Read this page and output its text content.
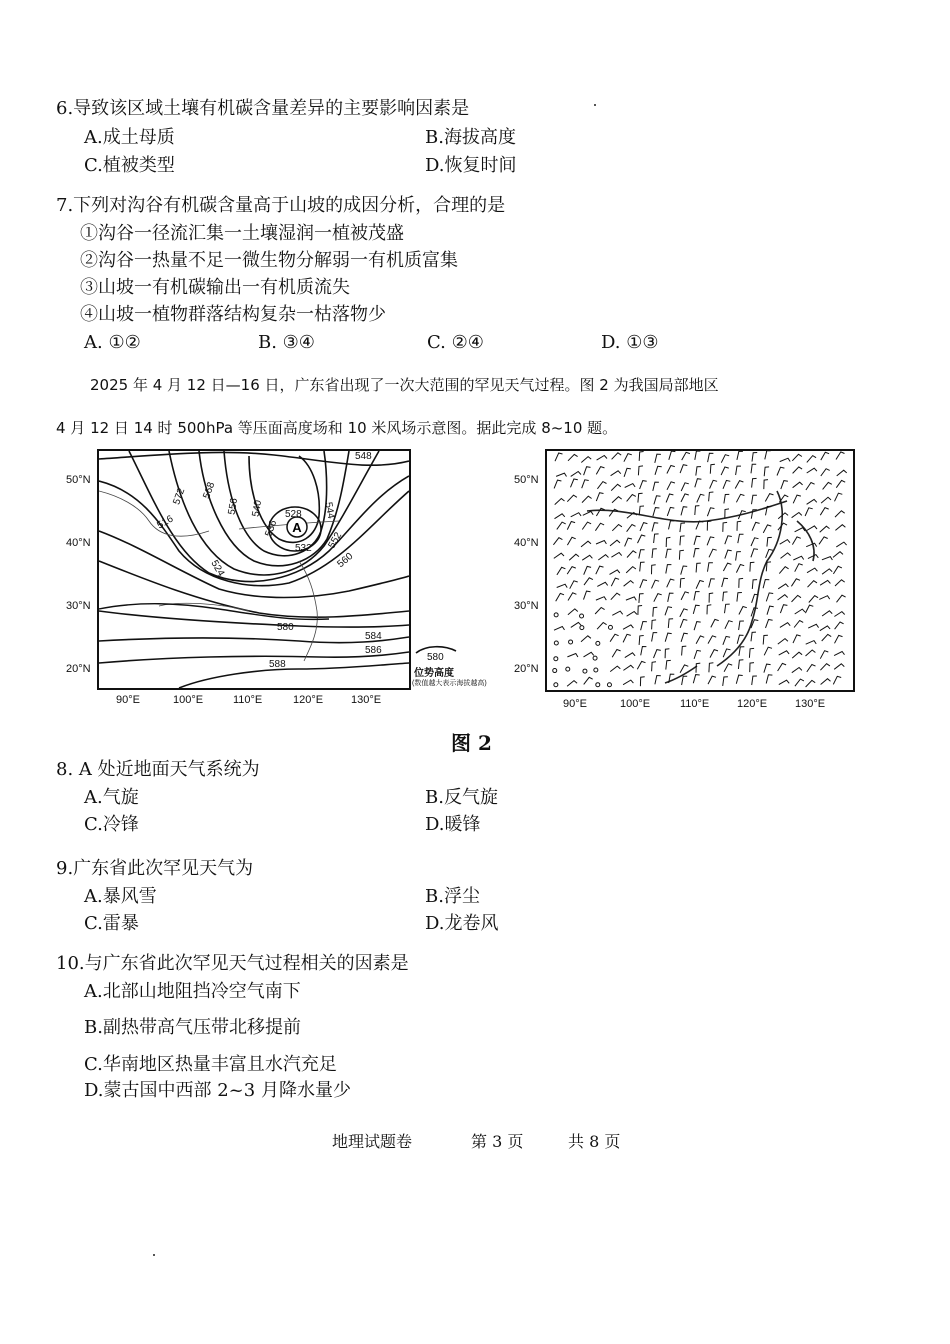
6.导致该区域土壤有机碳含量差异的主要影响因素是
A.成土母质	B.海拔高度
C.植被类型	D.恢复时间
7.下列对沟谷有机碳含量高于山坡的成因分析，合理的是
①沟谷一径流汇集一土壤湿润一植被茂盛
②沟谷一热量不足一微生物分解弱一有机质富集
③山坡一有机碳输出一有机质流失
④山坡一植物群落结构复杂一枯落物少
A. ①②	B. ③④	C. ②④	D. ①③
2025 年 4 月 12 日—16 日，广东省出现了一次大范围的罕见天气过程。图 2 为我国局部地区
4 月 12 日 14 时 500hPa 等压面高度场和 10 米风场示意图。据此完成 8~10 题。
A
548
572 568
556 540 528
536
544
516
524
532 552
560
580
584
586
588
50°N
40°N
30°N
20°N
90°E	100°E	110°E	120°E	130°E
580
位势高度
(数值越大表示海拔越高)
50°N
40°N
30°N
20°N
90°E	100°E	110°E	120°E	130°E
图 2
8. A 处近地面天气系统为
A.气旋	B.反气旋
C.冷锋	D.暖锋
9.广东省此次罕见天气为
A.暴风雪	B.浮尘
C.雷暴	D.龙卷风
10.与广东省此次罕见天气过程相关的因素是
A.北部山地阻挡冷空气南下
B.副热带高气压带北移提前
C.华南地区热量丰富且水汽充足
D.蒙古国中西部 2~3 月降水量少
地理试题卷	第 3 页	共 8 页
